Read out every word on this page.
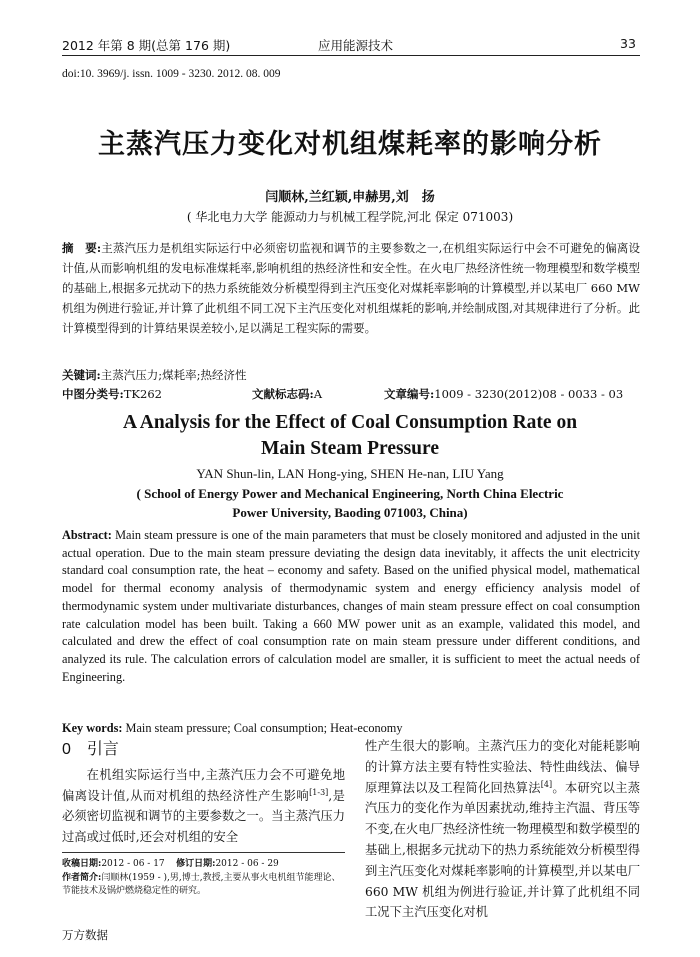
2012 年第 8 期(总第 176 期)	应用能源技术	33
doi:10. 3969/j. issn. 1009 - 3230. 2012. 08. 009
主蒸汽压力变化对机组煤耗率的影响分析
闫顺林,兰红颖,申赫男,刘　扬
( 华北电力大学 能源动力与机械工程学院,河北 保定 071003)
摘　要:主蒸汽压力是机组实际运行中必须密切监视和调节的主要参数之一,在机组实际运行中会不可避免的偏离设计值,从而影响机组的发电标准煤耗率,影响机组的热经济性和安全性。在火电厂热经济性统一物理模型和数学模型的基础上,根据多元扰动下的热力系统能效分析模型得到主汽压变化对煤耗率影响的计算模型,并以某电厂 660 MW 机组为例进行验证,并计算了此机组不同工况下主汽压变化对机组煤耗的影响,并绘制成图,对其规律进行了分析。此计算模型得到的计算结果误差较小,足以满足工程实际的需要。
关键词:主蒸汽压力;煤耗率;热经济性
中图分类号:TK262	文献标志码:A	文章编号:1009 - 3230(2012)08 - 0033 - 03
A Analysis for the Effect of Coal Consumption Rate on
Main Steam Pressure
YAN Shun-lin, LAN Hong-ying, SHEN He-nan, LIU Yang
( School of Energy Power and Mechanical Engineering, North China Electric
Power University, Baoding 071003, China)
Abstract: Main steam pressure is one of the main parameters that must be closely monitored and adjusted in the unit actual operation. Due to the main steam pressure deviating the design data inevitably, it affects the unit electricity standard coal consumption rate, the heat – economy and safety. Based on the unified physical model, mathematical model for thermal economy analysis of thermodynamic system and energy efficiency analysis model of thermodynamic system under multivariate disturbances, changes of main steam pressure effect on coal consumption rate calculation model has been built. Taking a 660 MW power unit as an example, validated this model, and calculated and drew the effect of coal consumption rate on main steam pressure under different conditions, and analyzed its rule. The calculation errors of calculation model are smaller, it is sufficient to meet the actual needs of Engineering.
Key words: Main steam pressure; Coal consumption; Heat-economy
0 引言
在机组实际运行当中,主蒸汽压力会不可避免地偏离设计值,从而对机组的热经济性产生影响[1-3],是必须密切监视和调节的主要参数之一。当主蒸汽压力过高或过低时,还会对机组的安全
收稿日期:2012 - 06 - 17 修订日期:2012 - 06 - 29
作者简介:闫顺林(1959 - ),男,博士,教授,主要从事火电机组节能理论、节能技术及锅炉燃烧稳定性的研究。
性产生很大的影响。主蒸汽压力的变化对能耗影响的计算方法主要有特性实验法、特性曲线法、偏导原理算法以及工程简化回热算法[4]。本研究以主蒸汽压力的变化作为单因素扰动,维持主汽温、背压等不变,在火电厂热经济性统一物理模型和数学模型的基础上,根据多元扰动下的热力系统能效分析模型得到主汽压变化对煤耗率影响的计算模型,并以某电厂 660 MW 机组为例进行验证,并计算了此机组不同工况下主汽压变化对机
万方数据
